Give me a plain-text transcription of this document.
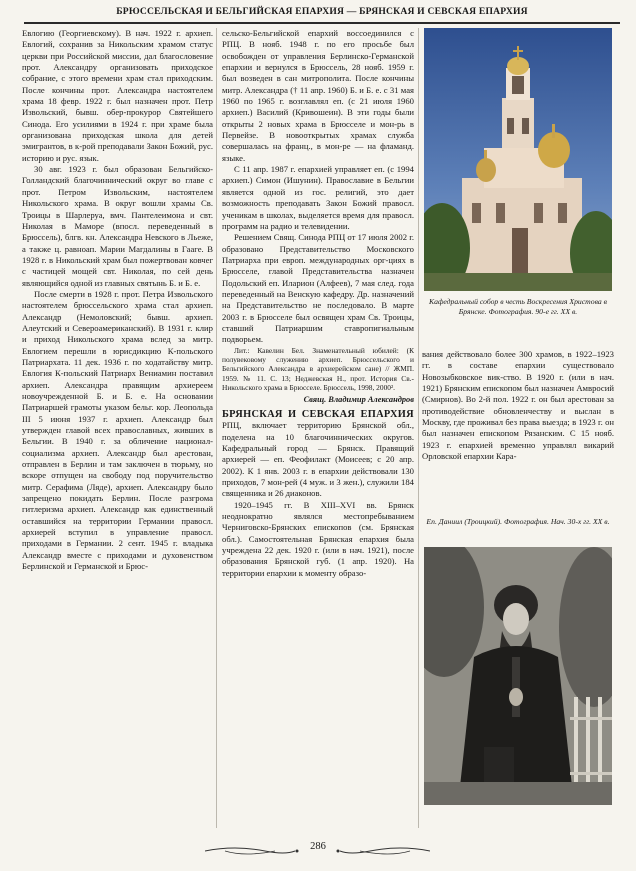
БРЮССЕЛЬСКАЯ И БЕЛЬГИЙСКАЯ ЕПАРХИЯ — БРЯНСКАЯ И СЕВСКАЯ ЕПАРХИЯ

Евлогию (Георгиевскому). В нач. 1922 г. архиеп. Евлогий, сохранив за Никольским храмом статус церкви при Российской миссии, дал благословение прот. Александру организовать приходское собрание, с этого времени храм стал приходским. После кончины прот. Александра настоятелем храма 18 февр. 1922 г. был назначен прот. Петр Извольский, бывш. обер-прокурор Святейшего Синода. Его усилиями в 1924 г. при храме была организована приходская школа для детей эмигрантов, в к-рой преподавали Закон Божий, рус. историю и рус. язык.

30 авг. 1923 г. был образован Бельгийско-Голландский благочиннический округ во главе с прот. Петром Извольским, настоятелем Никольского храма. В округ вошли храмы Св. Троицы в Шарлеруа, вмч. Пантелеимона и свт. Николая в Маморе (впосл. переведенный в Брюссель), блгв. кн. Александра Невского в Льеже, а также ц. равноап. Марии Магдалины в Гааге. В 1928 г. в Никольский храм был пожертвован ковчег с частицей мощей свт. Николая, по сей день являющийся одной из главных святынь Б. и Б. е.

После смерти в 1928 г. прот. Петра Извольского настоятелем брюссельского храма стал архиеп. Александр (Немоловский; бывш. архиеп. Алеутский и Североамериканский). В 1931 г. клир и приход Никольского храма вслед за митр. Евлогием перешли в юрисдикцию К-польского Патриархата. 11 дек. 1936 г. по ходатайству митр. Евлогия К-польский Патриарх Вениамин поставил архиеп. Александра правящим архиереем новоучрежденной Б. и Б. е. На основании Патриаршей грамоты указом бельг. кор. Леопольда III 5 июня 1937 г. архиеп. Александр был утвержден главой всех православных, живших в Бельгии. В 1940 г. за обличение национал-социализма архиеп. Александр был арестован, отправлен в Берлин и там заключен в тюрьму, но вскоре отпущен на свободу под поручительство митр. Серафима (Ляде), архиеп. Александру было запрещено покидать Берлин. После разгрома гитлеризма архиеп. Александр как единственный оставшийся на территории Германии правосл. архиерей вступил в управление правосл. приходами в Германии. 2 сент. 1945 г. владыка Александр вместе с приходами и духовенством Берлинской и Германской и Брюс-

сельско-Бельгийской епархий воссоединился с РПЦ. В нояб. 1948 г. по его просьбе был освобожден от управления Берлинско-Германской епархии и вернулся в Брюссель, 28 нояб. 1959 г. был возведен в сан митрополита. После кончины митр. Александра († 11 апр. 1960) Б. и Б. е. с 31 мая 1960 по 1965 г. возглавлял еп. (с 21 июля 1960 архиеп.) Василий (Кривошеин). В эти годы были открыты 2 новых храма в Брюсселе и мон-рь в Первейзе. В новооткрытых храмах служба совершалась на франц., в мон-ре — на фламанд. языке.

С 11 апр. 1987 г. епархией управляет еп. (с 1994 архиеп.) Симон (Ишунин). Православие в Бельгии является одной из гос. религий, это дает возможность преподавать Закон Божий правосл. ученикам в школах, выделяется время для правосл. программ на радио и телевидении.

Решением Свящ. Синода РПЦ от 17 июля 2002 г. образовано Представительство Московского Патриарха при европ. международных орг-циях в Брюсселе, главой Представительства назначен Подольский еп. Иларион (Алфеев), 7 мая след. года переведенный на Венскую кафедру. Др. назначений на Представительство не последовало. В марте 2003 г. в Брюсселе был освящен храм Св. Троицы, ставший Патриаршим ставропигиальным подворьем.

Лит.: Кавелин Бел. Знаменательный юбилей: (К полувековому служению архиеп. Брюссельского и Бельгийского Александра в архиерейском сане) // ЖМП. 1959. № 11. С. 13; Неджевская Н., прот. История Св.-Никольского храма в Брюсселе. Брюссель, 1998, 2000².

Свящ. Владимир Александров

БРЯНСКАЯ И СЕВСКАЯ ЕПАРХИЯ РПЦ, включает территорию Брянской обл., поделена на 10 благочиннических округов. Кафедральный город — Брянск. Правящий архиерей — еп. Феофилакт (Моисеев; с 20 апр. 2002). К 1 янв. 2003 г. в епархии действовали 130 приходов, 7 мон-рей (4 муж. и 3 жен.), служили 184 священника и 26 диаконов.

1920–1945 гг. В XIII–XVI вв. Брянск неоднократно являлся местопребыванием Черниговско-Брянских епископов (см. Брянская обл.). Самостоятельная Брянская епархия была учреждена 22 дек. 1920 г. (или в нач. 1921), после образования Брянской губ. (1 апр. 1920). На территории епархии к моменту образо-

Кафедральный собор в честь Воскресения Христова в Брянске. Фотография. 90-е гг. XX в.

вания действовало более 300 храмов, в 1922–1923 гг. в составе епархии существовало Новозыбковское вик-ство. В 1920 г. (или в нач. 1921) Брянским епископом был назначен Амвросий (Смирнов). Во 2-й пол. 1922 г. он был арестован за противодействие обновленчеству и выслан в Москву, где проживал без права выезда; в 1923 г. он был назначен епископом Рязанским. С 15 нояб. 1923 г. епархией временно управлял викарий Орловской епархии Кара-

Еп. Даниил (Троицкий). Фотография. Нач. 30-х гг. XX в.
286
